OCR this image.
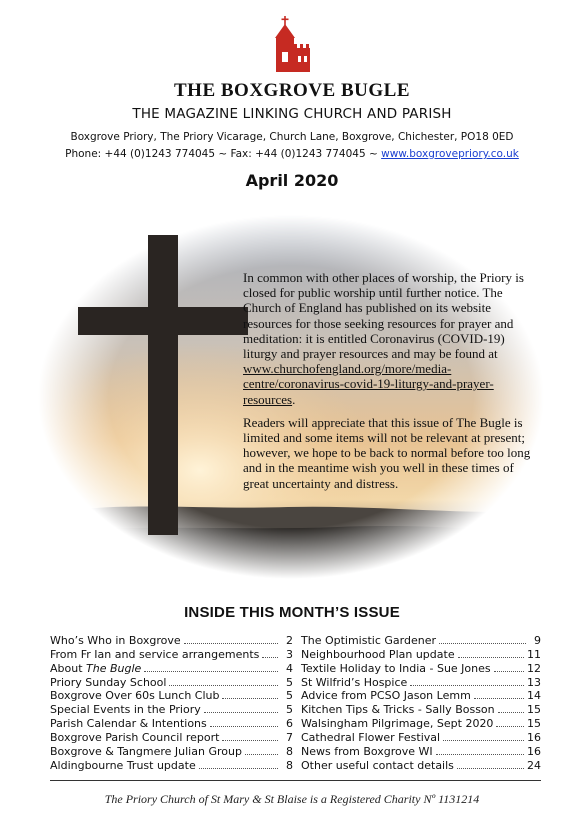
THE BOXGROVE BUGLE
THE MAGAZINE LINKING CHURCH AND PARISH
Boxgrove Priory, The Priory Vicarage, Church Lane, Boxgrove, Chichester, PO18 0ED
Phone: +44 (0)1243 774045 ~ Fax: +44 (0)1243 774045 ~ www.boxgrovepriory.co.uk
April 2020

In common with other places of worship, the Priory is closed for public worship until further notice. The Church of England has published on its website resources for those seeking resources for prayer and meditation: it is entitled Coronavirus (COVID-19) liturgy and prayer resources and may be found at www.churchofengland.org/more/media-centre/coronavirus-covid-19-liturgy-and-prayer-resources.

Readers will appreciate that this issue of The Bugle is limited and some items will not be relevant at present; however, we hope to be back to normal before too long and in the meantime wish you well in these times of great uncertainty and distress.

INSIDE THIS MONTH’S ISSUE
Who’s Who in Boxgrove	2
From Fr Ian and service arrangements	3
About The Bugle	4
Priory Sunday School	5
Boxgrove Over 60s Lunch Club	5
Special Events in the Priory	5
Parish Calendar & Intentions	6
Boxgrove Parish Council report	7
Boxgrove & Tangmere Julian Group	8
Aldingbourne Trust update	8
The Optimistic Gardener	9
Neighbourhood Plan update	11
Textile Holiday to India - Sue Jones	12
St Wilfrid’s Hospice	13
Advice from PCSO Jason Lemm	14
Kitchen Tips & Tricks - Sally Bosson	15
Walsingham Pilgrimage, Sept 2020	15
Cathedral Flower Festival	16
News from Boxgrove WI	16
Other useful contact details	24
The Priory Church of St Mary & St Blaise is a Registered Charity Nº 1131214
